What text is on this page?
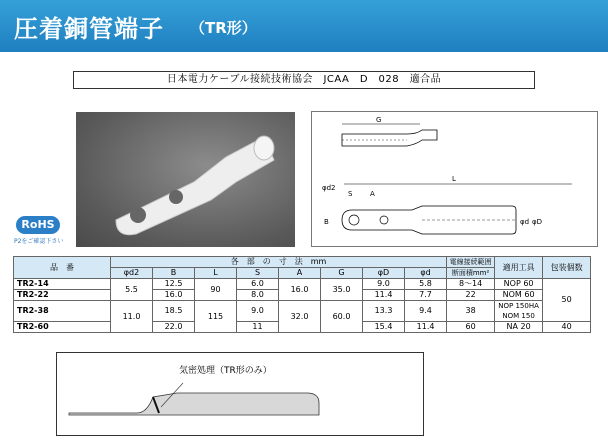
圧着銅管端子 （TR形）
日本電力ケーブル接続技術協会　JCAA　D　028　適合品
RoHS
P2をご確認下さい
G
L
φd2
S	A
B	φd φD
品　番	各　部　の　寸　法　mm								電線接続範囲	適用工具	包装個数
	φd2	B	L	S	A	G	φD	φd	断面積mm²		
TR2-14	5.5	12.5	90	6.0	16.0	35.0	9.0	5.8	8～14	NOP 60	50
TR2-22		16.0		8.0			11.4	7.7	22	NOM 60	
TR2-38	11.0	18.5	115	9.0	32.0	60.0	13.3	9.4	38	NOP 150HA
NOM 150	

TR2-60		22.0		11			15.4	11.4	60	NA 20	40
気密処理（TR形のみ）
